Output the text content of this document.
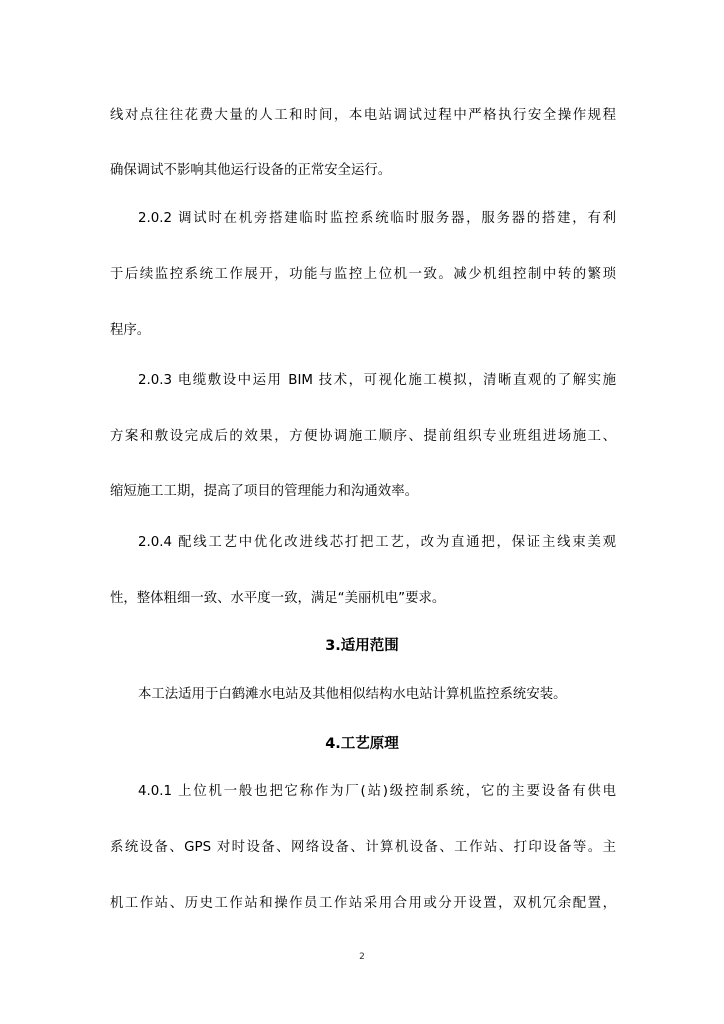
线对点往往花费大量的人工和时间，本电站调试过程中严格执行安全操作规程
确保调试不影响其他运行设备的正常安全运行。
2.0.2 调试时在机旁搭建临时监控系统临时服务器，服务器的搭建，有利
于后续监控系统工作展开，功能与监控上位机一致。减少机组控制中转的繁琐
程序。
2.0.3 电缆敷设中运用 BIM 技术，可视化施工模拟，清晰直观的了解实施
方案和敷设完成后的效果，方便协调施工顺序、提前组织专业班组进场施工、
缩短施工工期，提高了项目的管理能力和沟通效率。
2.0.4 配线工艺中优化改进线芯打把工艺，改为直通把，保证主线束美观
性，整体粗细一致、水平度一致，满足“美丽机电”要求。
3.适用范围
本工法适用于白鹤滩水电站及其他相似结构水电站计算机监控系统安装。
4.工艺原理
4.0.1 上位机一般也把它称作为厂(站)级控制系统，它的主要设备有供电
系统设备、GPS 对时设备、网络设备、计算机设备、工作站、打印设备等。主
机工作站、历史工作站和操作员工作站采用合用或分开设置，双机冗余配置，
2
